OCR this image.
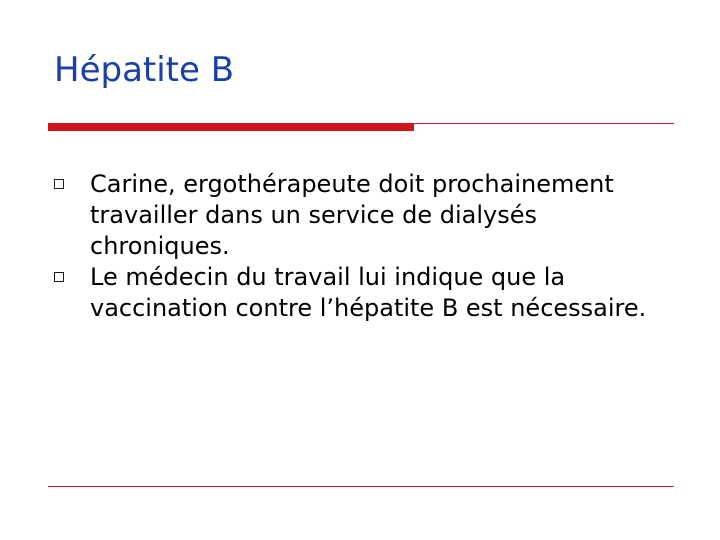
Hépatite B
Carine, ergothérapeute doit prochainement travailler dans un service de dialysés chroniques.
Le médecin du travail lui indique que la vaccination contre l’hépatite B est nécessaire.
